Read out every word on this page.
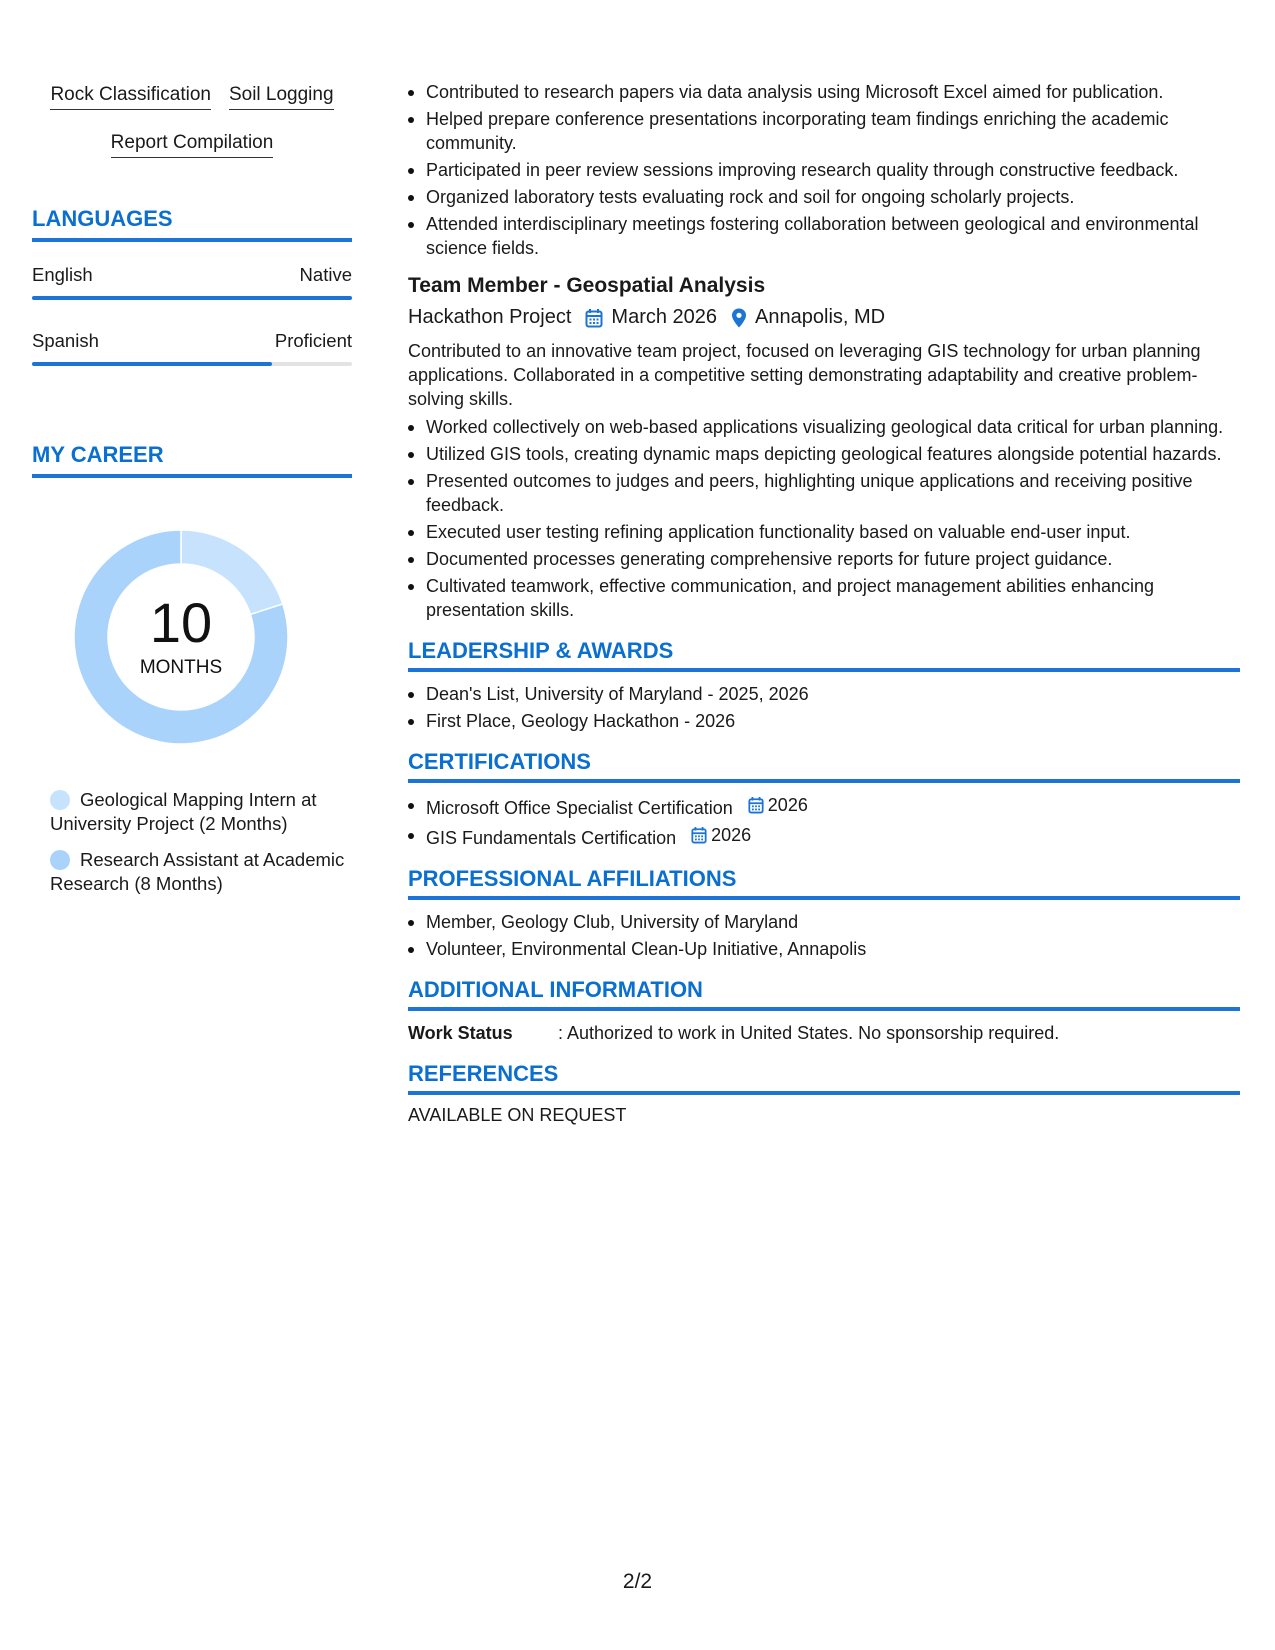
Rock Classification Soil Logging
Report Compilation
LANGUAGES
English	Native
Spanish	Proficient
MY CAREER
10
MONTHS
Geological Mapping Intern at University Project (2 Months)
Research Assistant at Academic Research (8 Months)
Contributed to research papers via data analysis using Microsoft Excel aimed for publication.
Helped prepare conference presentations incorporating team findings enriching the academic community.
Participated in peer review sessions improving research quality through constructive feedback.
Organized laboratory tests evaluating rock and soil for ongoing scholarly projects.
Attended interdisciplinary meetings fostering collaboration between geological and environmental science fields.
Team Member - Geospatial Analysis
Hackathon Project March 2026 Annapolis, MD

Contributed to an innovative team project, focused on leveraging GIS technology for urban planning applications. Collaborated in a competitive setting demonstrating adaptability and creative problem-solving skills.

Worked collectively on web-based applications visualizing geological data critical for urban planning.
Utilized GIS tools, creating dynamic maps depicting geological features alongside potential hazards.
Presented outcomes to judges and peers, highlighting unique applications and receiving positive feedback.
Executed user testing refining application functionality based on valuable end-user input.
Documented processes generating comprehensive reports for future project guidance.
Cultivated teamwork, effective communication, and project management abilities enhancing presentation skills.
LEADERSHIP & AWARDS
Dean's List, University of Maryland - 2025, 2026
First Place, Geology Hackathon - 2026
CERTIFICATIONS
Microsoft Office Specialist Certification 2026
GIS Fundamentals Certification 2026
PROFESSIONAL AFFILIATIONS
Member, Geology Club, University of Maryland
Volunteer, Environmental Clean-Up Initiative, Annapolis
ADDITIONAL INFORMATION
Work Status	: Authorized to work in United States. No sponsorship required.
REFERENCES
AVAILABLE ON REQUEST
2/2
